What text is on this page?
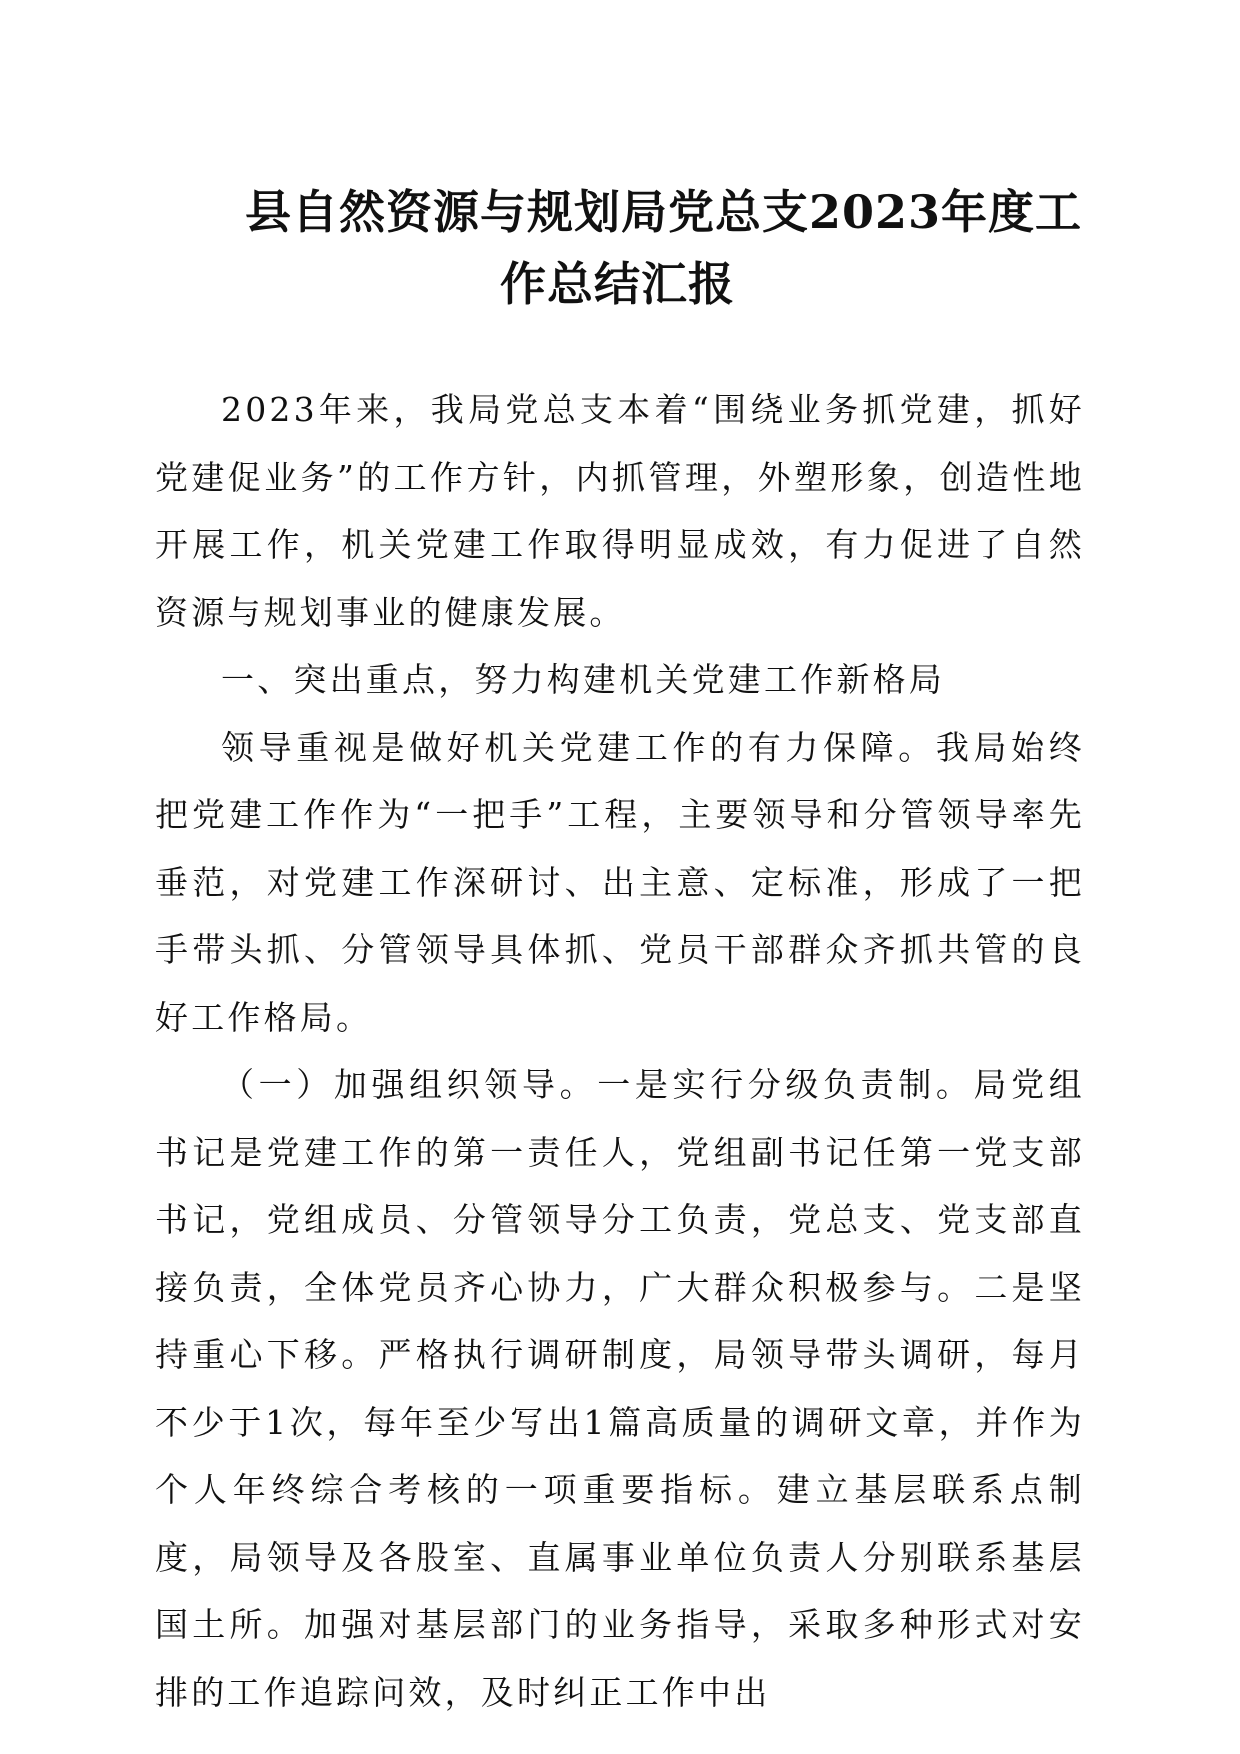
县自然资源与规划局党总支2023年度工
作总结汇报

2023年来，我局党总支本着“围绕业务抓党建，抓好党建促业务”的工作方针，内抓管理，外塑形象，创造性地开展工作，机关党建工作取得明显成效，有力促进了自然资源与规划事业的健康发展。

一、突出重点，努力构建机关党建工作新格局

领导重视是做好机关党建工作的有力保障。我局始终把党建工作作为“一把手”工程，主要领导和分管领导率先垂范，对党建工作深研讨、出主意、定标准，形成了一把手带头抓、分管领导具体抓、党员干部群众齐抓共管的良好工作格局。

（一）加强组织领导。一是实行分级负责制。局党组书记是党建工作的第一责任人，党组副书记任第一党支部书记，党组成员、分管领导分工负责，党总支、党支部直接负责，全体党员齐心协力，广大群众积极参与。二是坚持重心下移。严格执行调研制度，局领导带头调研，每月不少于1次，每年至少写出1篇高质量的调研文章，并作为个人年终综合考核的一项重要指标。建立基层联系点制度，局领导及各股室、直属事业单位负责人分别联系基层国土所。加强对基层部门的业务指导，采取多种形式对安排的工作追踪问效，及时纠正工作中出
